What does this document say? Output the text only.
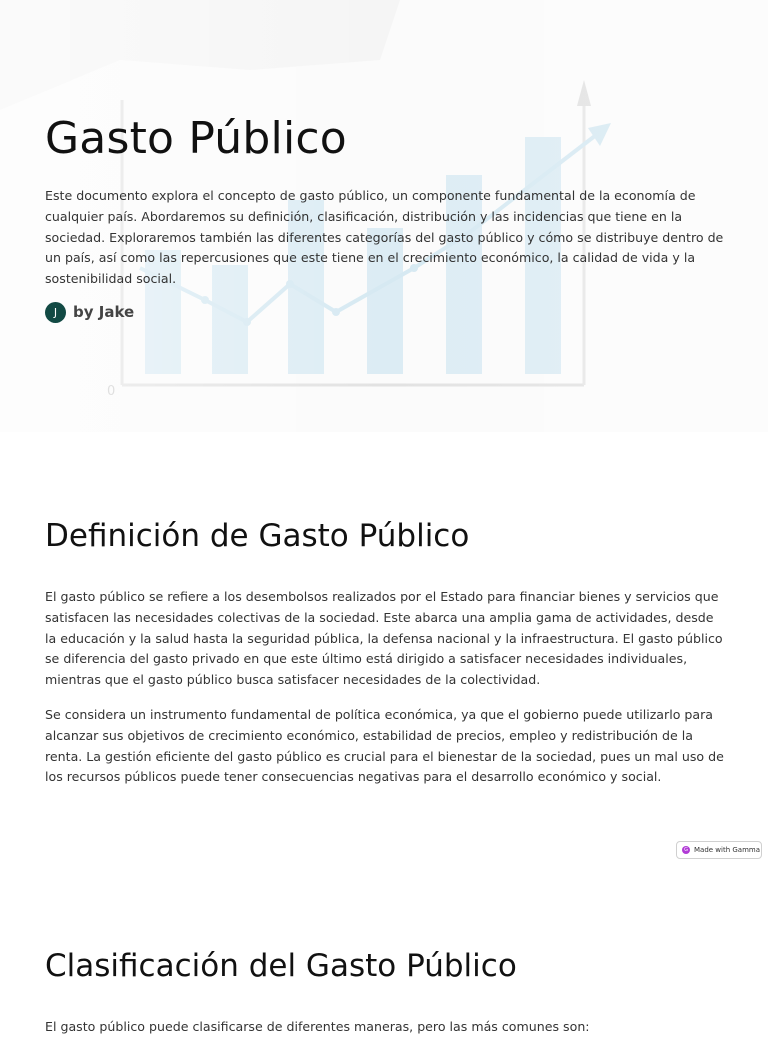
Gasto Público

Este documento explora el concepto de gasto público, un componente fundamental de la economía de cualquier país. Abordaremos su definición, clasificación, distribución y las incidencias que tiene en la sociedad. Exploraremos también las diferentes categorías del gasto público y cómo se distribuye dentro de un país, así como las repercusiones que este tiene en el crecimiento económico, la calidad de vida y la sostenibilidad social.

J	by Jake
Definición de Gasto Público

El gasto público se refiere a los desembolsos realizados por el Estado para financiar bienes y servicios que satisfacen las necesidades colectivas de la sociedad. Este abarca una amplia gama de actividades, desde la educación y la salud hasta la seguridad pública, la defensa nacional y la infraestructura. El gasto público se diferencia del gasto privado en que este último está dirigido a satisfacer necesidades individuales, mientras que el gasto público busca satisfacer necesidades de la colectividad.

Se considera un instrumento fundamental de política económica, ya que el gobierno puede utilizarlo para alcanzar sus objetivos de crecimiento económico, estabilidad de precios, empleo y redistribución de la renta. La gestión eficiente del gasto público es crucial para el bienestar de la sociedad, pues un mal uso de los recursos públicos puede tener consecuencias negativas para el desarrollo económico y social.

G Made with Gamma
Clasificación del Gasto Público

El gasto público puede clasificarse de diferentes maneras, pero las más comunes son:
